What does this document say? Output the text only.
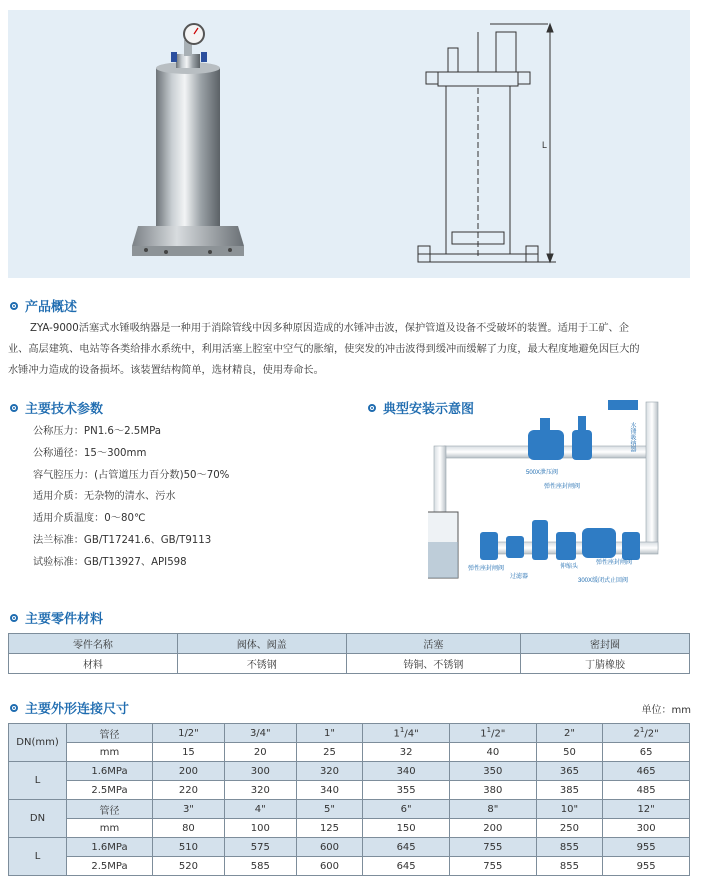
L
产品概述
ZYA-9000活塞式水锤吸纳器是一种用于消除管线中因多种原因造成的水锤冲击波，保护管道及设备不受破坏的装置。适用于工矿、企
业、高层建筑、电站等各类给排水系统中，利用活塞上腔室中空气的胀缩，使突发的冲击波得到缓冲而缓解了力度，最大程度地避免因巨大的
水锤冲力造成的设备损坏。该装置结构简单，选材精良，使用寿命长。
主要技术参数
公称压力：PN1.6～2.5MPa
公称通径：15～300mm
容气腔压力：(占管道压力百分数)50～70%
适用介质：无杂物的清水、污水
适用介质温度：0～80℃
法兰标准：GB/T17241.6、GB/T9113
试验标准：GB/T13927、API598
典型安装示意图
水锤吸纳器
500X泄压阀
弹性座封闸阀
弹性座封闸阀
过滤器
伸缩头
弹性座封闸阀
300X缓闭式止回阀
主要零件材料
零件名称	阀体、阀盖	活塞	密封圈
材料	不锈钢	铸铜、不锈钢	丁腈橡胶
主要外形连接尺寸	单位：mm
DN(mm)	管径	1/2"	3/4"	1"	$1^1/4$"	$1^1/2$"	2"	$2^1/2$"
	mm	15	20	25	32	40	50	65
L	1.6MPa	200	300	320	340	350	365	465
	2.5MPa	220	320	340	355	380	385	485
DN	管径	3"	4"	5"	6"	8"	10"	12"
	mm	80	100	125	150	200	250	300
L	1.6MPa	510	575	600	645	755	855	955
	2.5MPa	520	585	600	645	755	855	955
